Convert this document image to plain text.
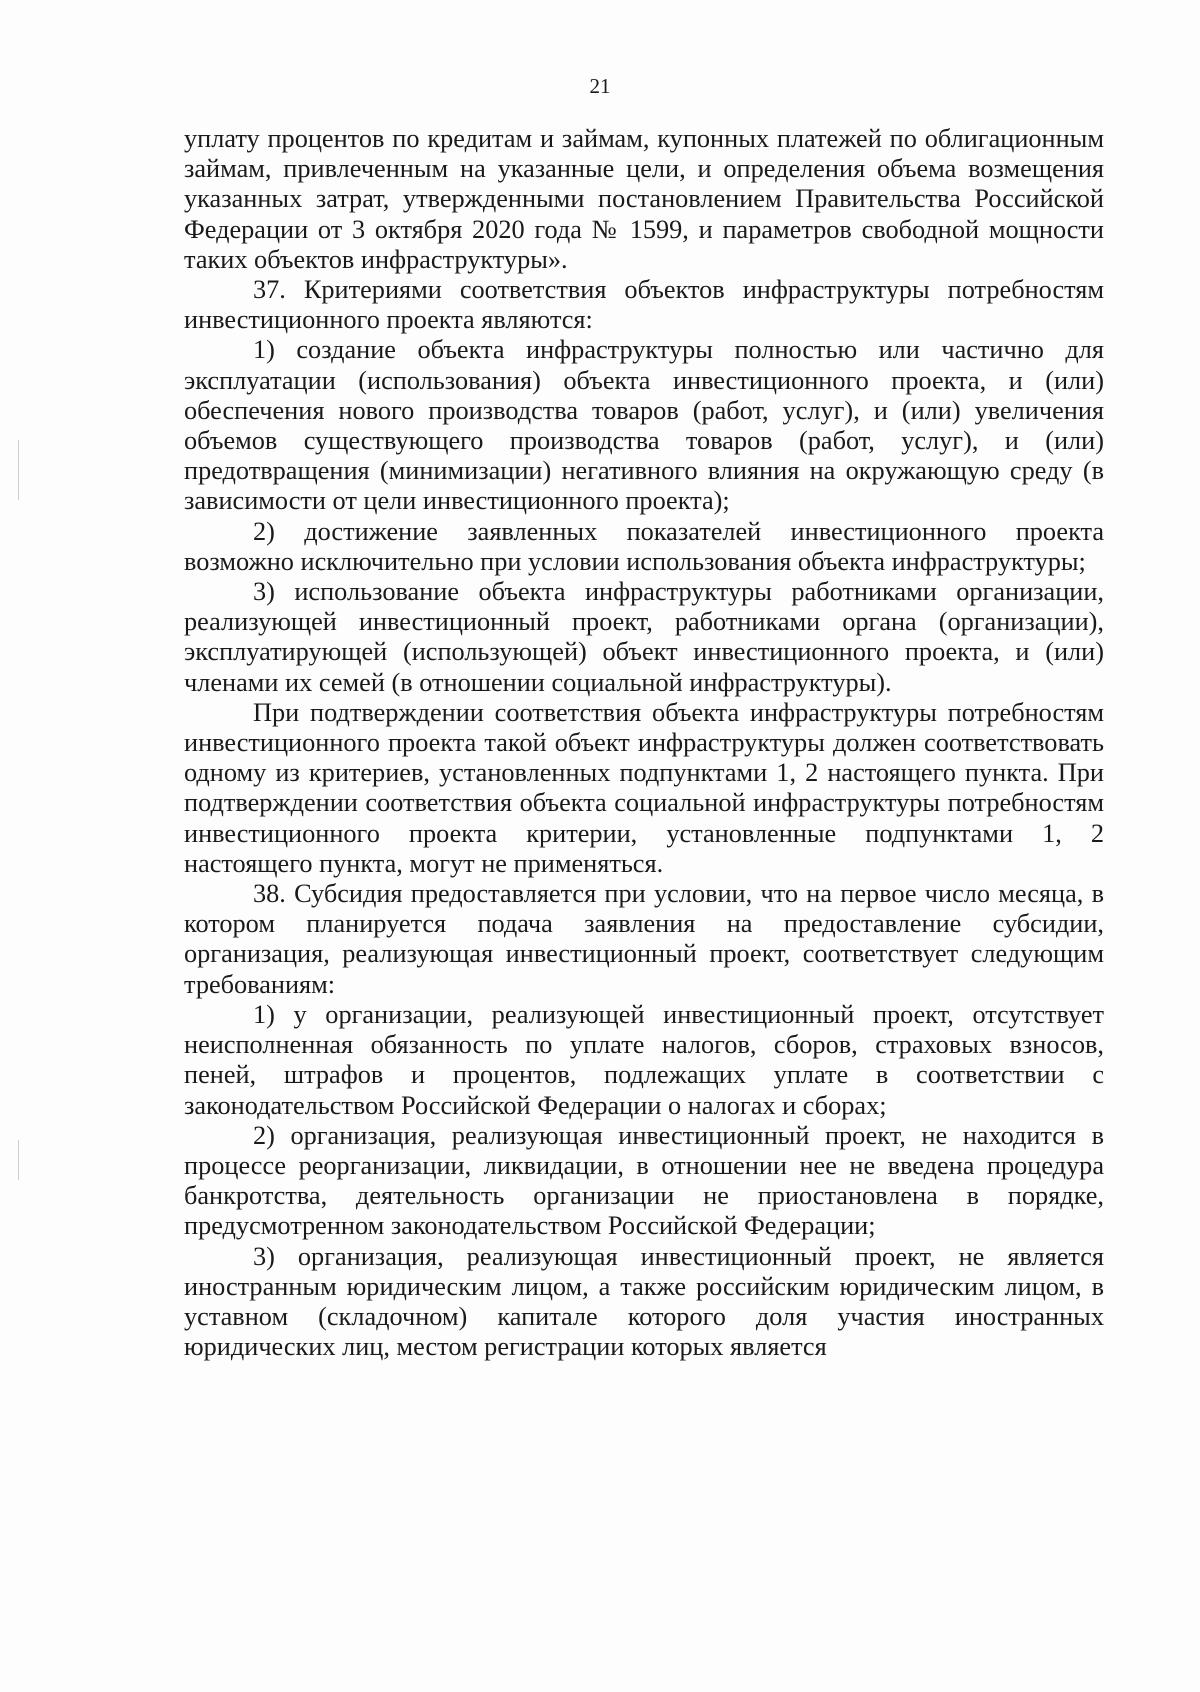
21

уплату процентов по кредитам и займам, купонных платежей по облигационным займам, привлеченным на указанные цели, и определения объема возмещения указанных затрат, утвержденными постановлением Правительства Российской Федерации от 3 октября 2020 года № 1599, и параметров свободной мощности таких объектов инфраструктуры».

37. Критериями соответствия объектов инфраструктуры потребностям инвестиционного проекта являются:

1) создание объекта инфраструктуры полностью или частично для эксплуатации (использования) объекта инвестиционного проекта, и (или) обеспечения нового производства товаров (работ, услуг), и (или) увеличения объемов существующего производства товаров (работ, услуг), и (или) предотвращения (минимизации) негативного влияния на окружающую среду (в зависимости от цели инвестиционного проекта);

2) достижение заявленных показателей инвестиционного проекта возможно исключительно при условии использования объекта инфраструктуры;

3) использование объекта инфраструктуры работниками организации, реализующей инвестиционный проект, работниками органа (организации), эксплуатирующей (использующей) объект инвестиционного проекта, и (или) членами их семей (в отношении социальной инфраструктуры).

При подтверждении соответствия объекта инфраструктуры потребностям инвестиционного проекта такой объект инфраструктуры должен соответствовать одному из критериев, установленных подпунктами 1, 2 настоящего пункта. При подтверждении соответствия объекта социальной инфраструктуры потребностям инвестиционного проекта критерии, установленные подпунктами 1, 2 настоящего пункта, могут не применяться.

38. Субсидия предоставляется при условии, что на первое число месяца, в котором планируется подача заявления на предоставление субсидии, организация, реализующая инвестиционный проект, соответствует следующим требованиям:

1) у организации, реализующей инвестиционный проект, отсутствует неисполненная обязанность по уплате налогов, сборов, страховых взносов, пеней, штрафов и процентов, подлежащих уплате в соответствии с законодательством Российской Федерации о налогах и сборах;

2) организация, реализующая инвестиционный проект, не находится в процессе реорганизации, ликвидации, в отношении нее не введена процедура банкротства, деятельность организации не приостановлена в порядке, предусмотренном законодательством Российской Федерации;

3) организация, реализующая инвестиционный проект, не является иностранным юридическим лицом, а также российским юридическим лицом, в уставном (складочном) капитале которого доля участия иностранных юридических лиц, местом регистрации которых является
